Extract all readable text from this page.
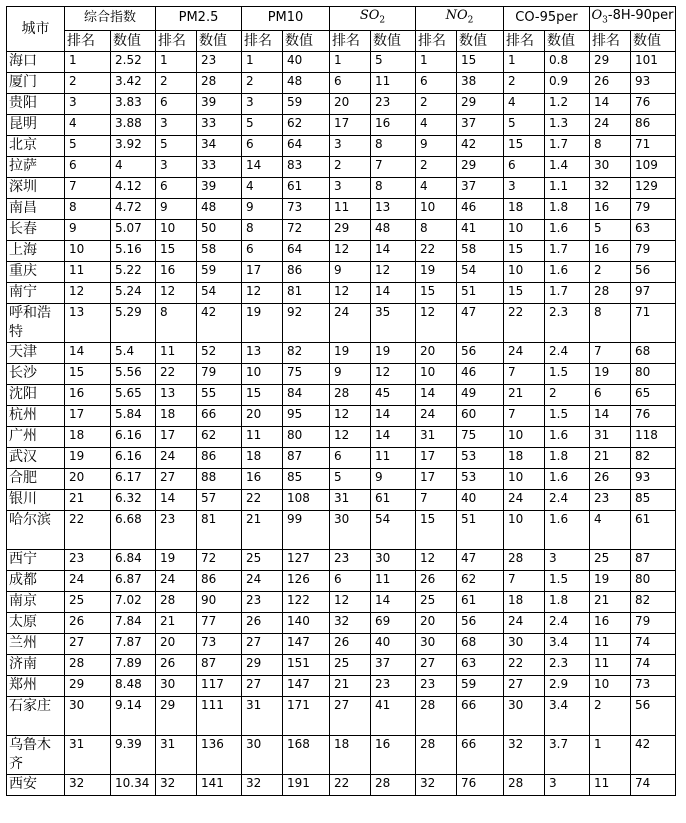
城市	综合指数		PM2.5		PM10		$SO_2$		$NO_2$		CO-95per		$O_3-8H-90per$	
	排名	数值	排名	数值	排名	数值	排名	数值	排名	数值	排名	数值	排名	数值
海口	1	2.52	1	23	1	40	1	5	1	15	1	0.8	29	101
厦门	2	3.42	2	28	2	48	6	11	6	38	2	0.9	26	93
贵阳	3	3.83	6	39	3	59	20	23	2	29	4	1.2	14	76
昆明	4	3.88	3	33	5	62	17	16	4	37	5	1.3	24	86
北京	5	3.92	5	34	6	64	3	8	9	42	15	1.7	8	71
拉萨	6	4	3	33	14	83	2	7	2	29	6	1.4	30	109
深圳	7	4.12	6	39	4	61	3	8	4	37	3	1.1	32	129
南昌	8	4.72	9	48	9	73	11	13	10	46	18	1.8	16	79
长春	9	5.07	10	50	8	72	29	48	8	41	10	1.6	5	63
上海	10	5.16	15	58	6	64	12	14	22	58	15	1.7	16	79
重庆	11	5.22	16	59	17	86	9	12	19	54	10	1.6	2	56
南宁	12	5.24	12	54	12	81	12	14	15	51	15	1.7	28	97
呼和浩特	13	5.29	8	42	19	92	24	35	12	47	22	2.3	8	71
天津	14	5.4	11	52	13	82	19	19	20	56	24	2.4	7	68
长沙	15	5.56	22	79	10	75	9	12	10	46	7	1.5	19	80
沈阳	16	5.65	13	55	15	84	28	45	14	49	21	2	6	65
杭州	17	5.84	18	66	20	95	12	14	24	60	7	1.5	14	76
广州	18	6.16	17	62	11	80	12	14	31	75	10	1.6	31	118
武汉	19	6.16	24	86	18	87	6	11	17	53	18	1.8	21	82
合肥	20	6.17	27	88	16	85	5	9	17	53	10	1.6	26	93
银川	21	6.32	14	57	22	108	31	61	7	40	24	2.4	23	85
哈尔滨	22	6.68	23	81	21	99	30	54	15	51	10	1.6	4	61
西宁	23	6.84	19	72	25	127	23	30	12	47	28	3	25	87
成都	24	6.87	24	86	24	126	6	11	26	62	7	1.5	19	80
南京	25	7.02	28	90	23	122	12	14	25	61	18	1.8	21	82
太原	26	7.84	21	77	26	140	32	69	20	56	24	2.4	16	79
兰州	27	7.87	20	73	27	147	26	40	30	68	30	3.4	11	74
济南	28	7.89	26	87	29	151	25	37	27	63	22	2.3	11	74
郑州	29	8.48	30	117	27	147	21	23	23	59	27	2.9	10	73
石家庄	30	9.14	29	111	31	171	27	41	28	66	30	3.4	2	56
乌鲁木齐	31	9.39	31	136	30	168	18	16	28	66	32	3.7	1	42
西安	32	10.34	32	141	32	191	22	28	32	76	28	3	11	74
